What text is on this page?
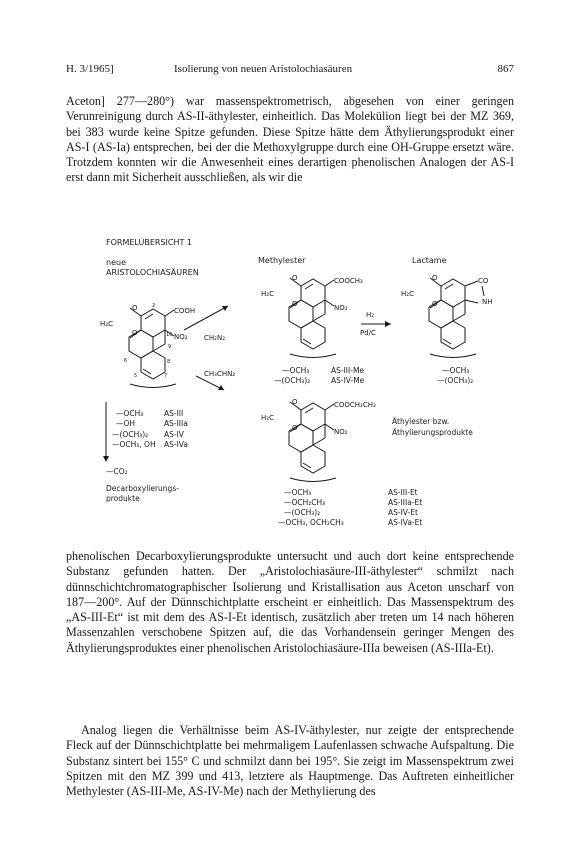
H. 3/1965]	Isolierung von neuen Aristolochiasäuren	867

Aceton] 277—280°) war massenspektrometrisch, abgesehen von einer geringen Verunreinigung durch AS-II-äthylester, einheitlich. Das Molekülion liegt bei der MZ 369, bei 383 wurde keine Spitze gefunden. Diese Spitze hätte dem Äthylierungsprodukt einer AS-I (AS-Ia) entsprechen, bei der die Methoxylgruppe durch eine OH-Gruppe ersetzt wäre. Trotzdem konnten wir die Anwesenheit eines derartigen phenolischen Analogen der AS-I erst dann mit Sicherheit ausschließen, als wir die

FORMELÜBERSICHT 1
neue
ARISTOLOCHIASÄUREN
Methylester	Lactame
O
O
H₂C
COOH
NO₂
2
9
10
6	8
5	7
CH₂N₂
CH₃CHN₂
H₂
Pd/C
O
O
H₂C
COOCH₃
NO₂
—OCH₃	AS-III-Me
—(OCH₃)₂	AS-IV-Me
O
O
H₂C
CO
NH
—OCH₃
—(OCH₃)₂
—OCH₃	AS-III
—OH	AS-IIIa
—(OCH₃)₂ AS-IV
—OCH₃, OH AS-IVa
—CO₂
Decarboxylierungs-
produkte
O
O
H₂C
COOCH₂CH₃
NO₂
Äthylester bzw.
Äthylierungsprodukte
—OCH₃	AS-III-Et
—OCH₂CH₃	AS-IIIa-Et
—(OCH₃)₂	AS-IV-Et
—OCH₃, OCH₂CH₃	AS-IVa-Et

phenolischen Decarboxylierungsprodukte untersucht und auch dort keine entsprechende Substanz gefunden hatten. Der „Aristolochiasäure-III-äthylester“ schmilzt nach dünnschichtchromatographischer Isolierung und Kristallisation aus Aceton unscharf von 187—200°. Auf der Dünnschichtplatte erscheint er einheitlich. Das Massenspektrum des „AS-III-Et“ ist mit dem des AS-I-Et identisch, zusätzlich aber treten um 14 nach höheren Massenzahlen verschobene Spitzen auf, die das Vorhandensein geringer Mengen des Äthylierungsproduktes einer phenolischen Aristolochiasäure-IIIa beweisen (AS-IIIa-Et).

Analog liegen die Verhältnisse beim AS-IV-äthylester, nur zeigte der entsprechende Fleck auf der Dünnschichtplatte bei mehrmaligem Laufenlassen schwache Aufspaltung. Die Substanz sintert bei 155° C und schmilzt dann bei 195°. Sie zeigt im Massenspektrum zwei Spitzen mit den MZ 399 und 413, letztere als Hauptmenge. Das Auftreten einheitlicher Methylester (AS-III-Me, AS-IV-Me) nach der Methylierung des
